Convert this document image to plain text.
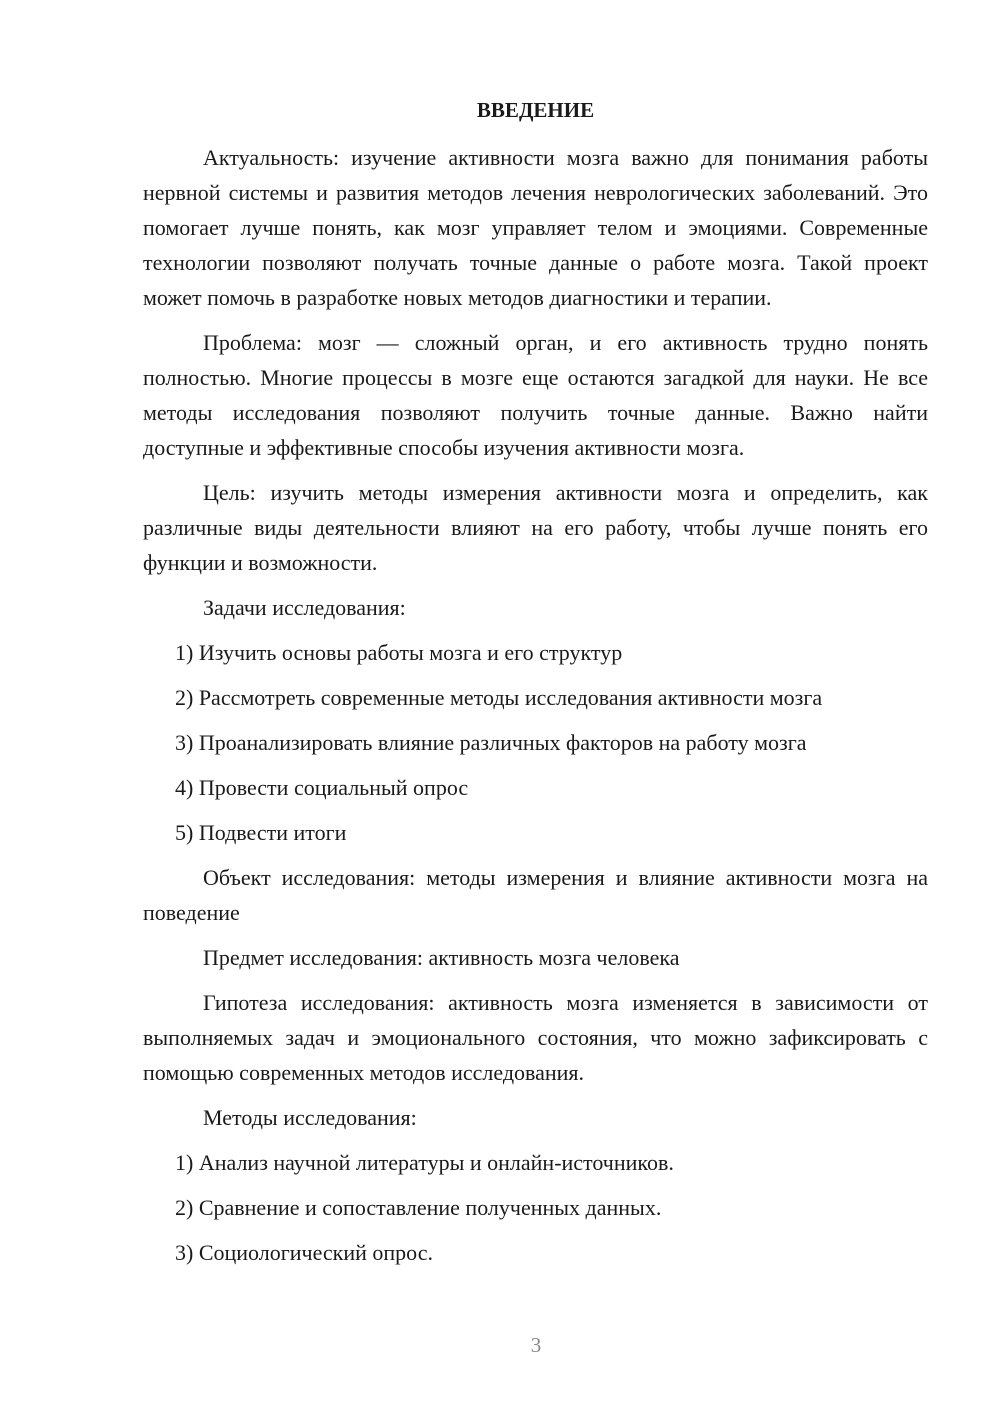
ВВЕДЕНИЕ

Актуальность: изучение активности мозга важно для понимания работы нервной системы и развития методов лечения неврологических заболеваний. Это помогает лучше понять, как мозг управляет телом и эмоциями. Современные технологии позволяют получать точные данные о работе мозга. Такой проект может помочь в разработке новых методов диагностики и терапии.

Проблема: мозг — сложный орган, и его активность трудно понять полностью. Многие процессы в мозге еще остаются загадкой для науки. Не все методы исследования позволяют получить точные данные. Важно найти доступные и эффективные способы изучения активности мозга.

Цель: изучить методы измерения активности мозга и определить, как различные виды деятельности влияют на его работу, чтобы лучше понять его функции и возможности.

Задачи исследования:

1) Изучить основы работы мозга и его структур
2) Рассмотреть современные методы исследования активности мозга
3) Проанализировать влияние различных факторов на работу мозга
4) Провести социальный опрос
5) Подвести итоги

Объект исследования: методы измерения и влияние активности мозга на поведение

Предмет исследования: активность мозга человека

Гипотеза исследования: активность мозга изменяется в зависимости от выполняемых задач и эмоционального состояния, что можно зафиксировать с помощью современных методов исследования.

Методы исследования:

1) Анализ научной литературы и онлайн-источников.
2) Сравнение и сопоставление полученных данных.
3) Социологический опрос.
3
